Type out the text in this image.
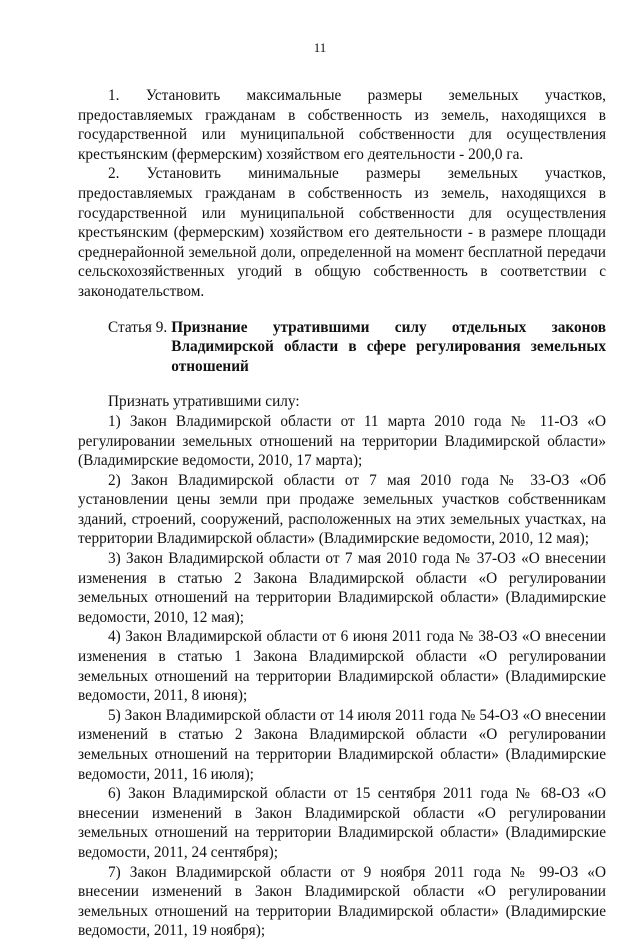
11

1. Установить максимальные размеры земельных участков, предоставляемых гражданам в собственность из земель, находящихся в государственной или муниципальной собственности для осуществления крестьянским (фермерским) хозяйством его деятельности - 200,0 га.

2. Установить минимальные размеры земельных участков, предоставляемых гражданам в собственность из земель, находящихся в государственной или муниципальной собственности для осуществления крестьянским (фермерским) хозяйством его деятельности - в размере площади среднерайонной земельной доли, определенной на момент бесплатной передачи сельскохозяйственных угодий в общую собственность в соответствии с законодательством.

Статья 9. Признание утратившими силу отдельных законов Владимирской области в сфере регулирования земельных отношений

Признать утратившими силу:

1) Закон Владимирской области от 11 марта 2010 года № 11-ОЗ «О регулировании земельных отношений на территории Владимирской области» (Владимирские ведомости, 2010, 17 марта);

2) Закон Владимирской области от 7 мая 2010 года № 33-ОЗ «Об установлении цены земли при продаже земельных участков собственникам зданий, строений, сооружений, расположенных на этих земельных участках, на территории Владимирской области» (Владимирские ведомости, 2010, 12 мая);

3) Закон Владимирской области от 7 мая 2010 года № 37-ОЗ «О внесении изменения в статью 2 Закона Владимирской области «О регулировании земельных отношений на территории Владимирской области» (Владимирские ведомости, 2010, 12 мая);

4) Закон Владимирской области от 6 июня 2011 года № 38-ОЗ «О внесении изменения в статью 1 Закона Владимирской области «О регулировании земельных отношений на территории Владимирской области» (Владимирские ведомости, 2011, 8 июня);

5) Закон Владимирской области от 14 июля 2011 года № 54-ОЗ «О внесении изменений в статью 2 Закона Владимирской области «О регулировании земельных отношений на территории Владимирской области» (Владимирские ведомости, 2011, 16 июля);

6) Закон Владимирской области от 15 сентября 2011 года № 68-ОЗ «О внесении изменений в Закон Владимирской области «О регулировании земельных отношений на территории Владимирской области» (Владимирские ведомости, 2011, 24 сентября);

7) Закон Владимирской области от 9 ноября 2011 года № 99-ОЗ «О внесении изменений в Закон Владимирской области «О регулировании земельных отношений на территории Владимирской области» (Владимирские ведомости, 2011, 19 ноября);
